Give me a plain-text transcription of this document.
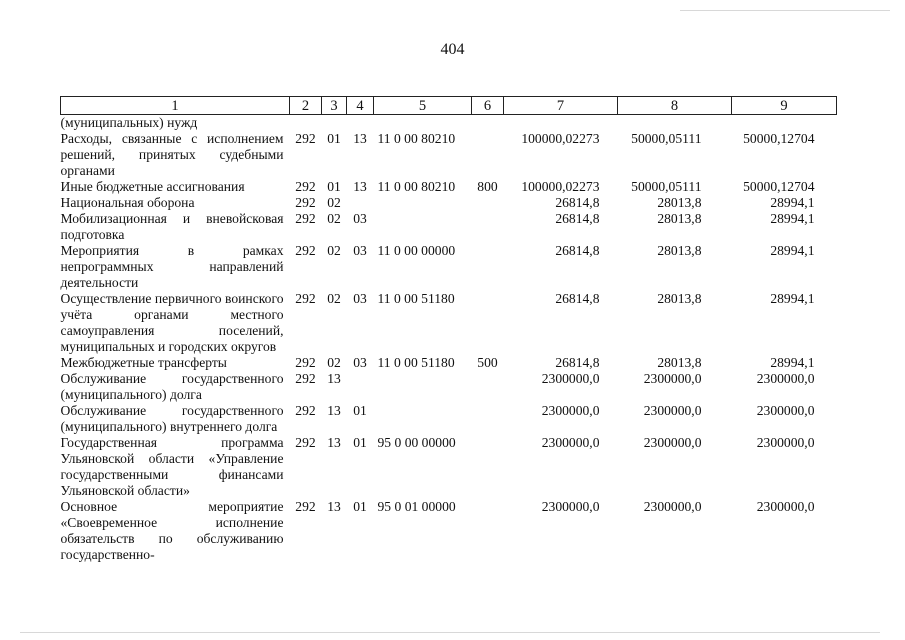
404
1	2	3	4	5	6	7	8	9
(муниципальных) нужд								
Расходы, связанные с исполнением решений, принятых судебными органами	292	01	13	11 0 00 80210		100000,02273	50000,05111	50000,12704
Иные бюджетные ассигнования	292	01	13	11 0 00 80210	800	100000,02273	50000,05111	50000,12704
Национальная оборона	292	02				26814,8	28013,8	28994,1
Мобилизационная и вневойсковая подготовка	292	02	03			26814,8	28013,8	28994,1
Мероприятия в рамках непрограммных направлений деятельности	292	02	03	11 0 00 00000		26814,8	28013,8	28994,1
Осуществление первичного воинского учёта органами местного самоуправления поселений, муниципальных и городских округов	292	02	03	11 0 00 51180		26814,8	28013,8	28994,1
Межбюджетные трансферты	292	02	03	11 0 00 51180	500	26814,8	28013,8	28994,1
Обслуживание государственного (муниципального) долга	292	13				2300000,0	2300000,0	2300000,0
Обслуживание государственного (муниципального) внутреннего долга	292	13	01			2300000,0	2300000,0	2300000,0
Государственная программа Ульяновской области «Управление государственными финансами Ульяновской области»	292	13	01	95 0 00 00000		2300000,0	2300000,0	2300000,0
Основное мероприятие «Своевременное исполнение обязательств по обслуживанию государственно-	292	13	01	95 0 01 00000		2300000,0	2300000,0	2300000,0
